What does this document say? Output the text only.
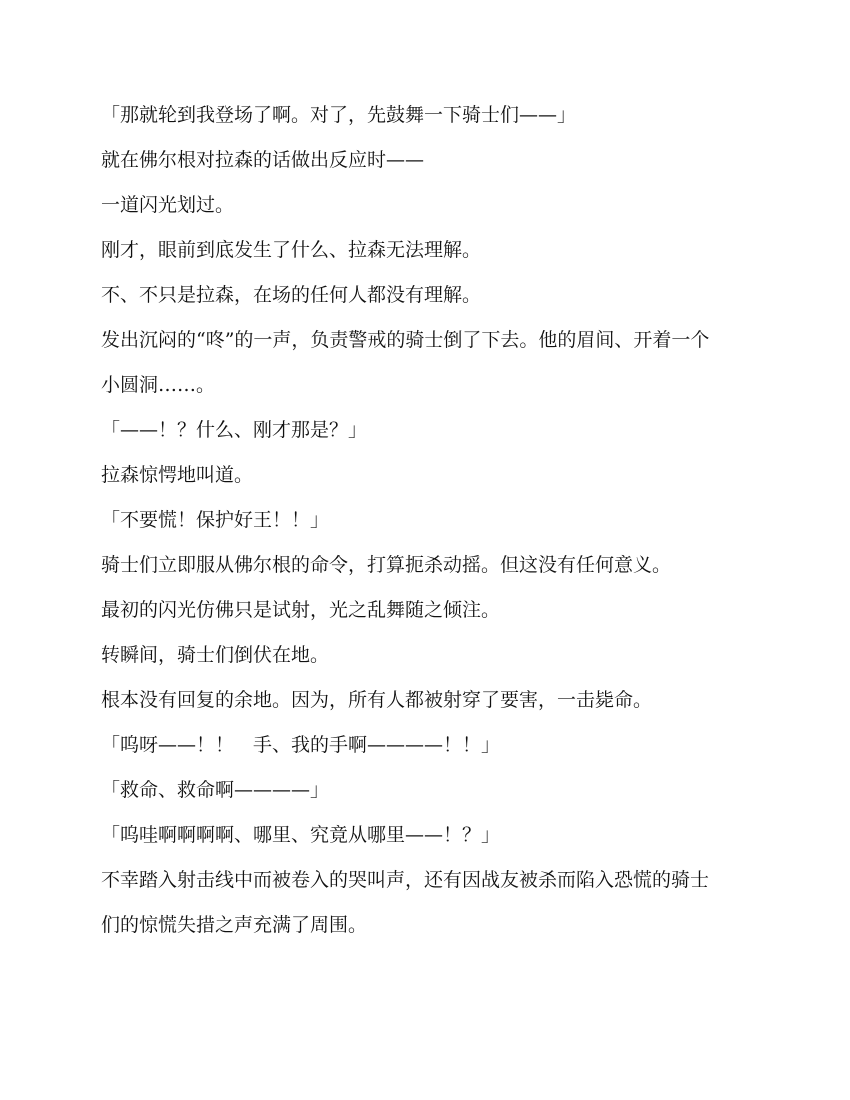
「那就轮到我登场了啊。对了，先鼓舞一下骑士们——」

就在佛尔根对拉森的话做出反应时——

一道闪光划过。

刚才，眼前到底发生了什么、拉森无法理解。

不、不只是拉森，在场的任何人都没有理解。

发出沉闷的“咚”的一声，负责警戒的骑士倒了下去。他的眉间、开着一个小圆洞……。

「——！？什么、刚才那是？」

拉森惊愕地叫道。

「不要慌！保护好王！！」

骑士们立即服从佛尔根的命令，打算扼杀动摇。但这没有任何意义。

最初的闪光仿佛只是试射，光之乱舞随之倾注。

转瞬间，骑士们倒伏在地。

根本没有回复的余地。因为，所有人都被射穿了要害，一击毙命。

「呜呀——！！　手、我的手啊————！！」

「救命、救命啊————」

「呜哇啊啊啊啊、哪里、究竟从哪里——！？」

不幸踏入射击线中而被卷入的哭叫声，还有因战友被杀而陷入恐慌的骑士们的惊慌失措之声充满了周围。
